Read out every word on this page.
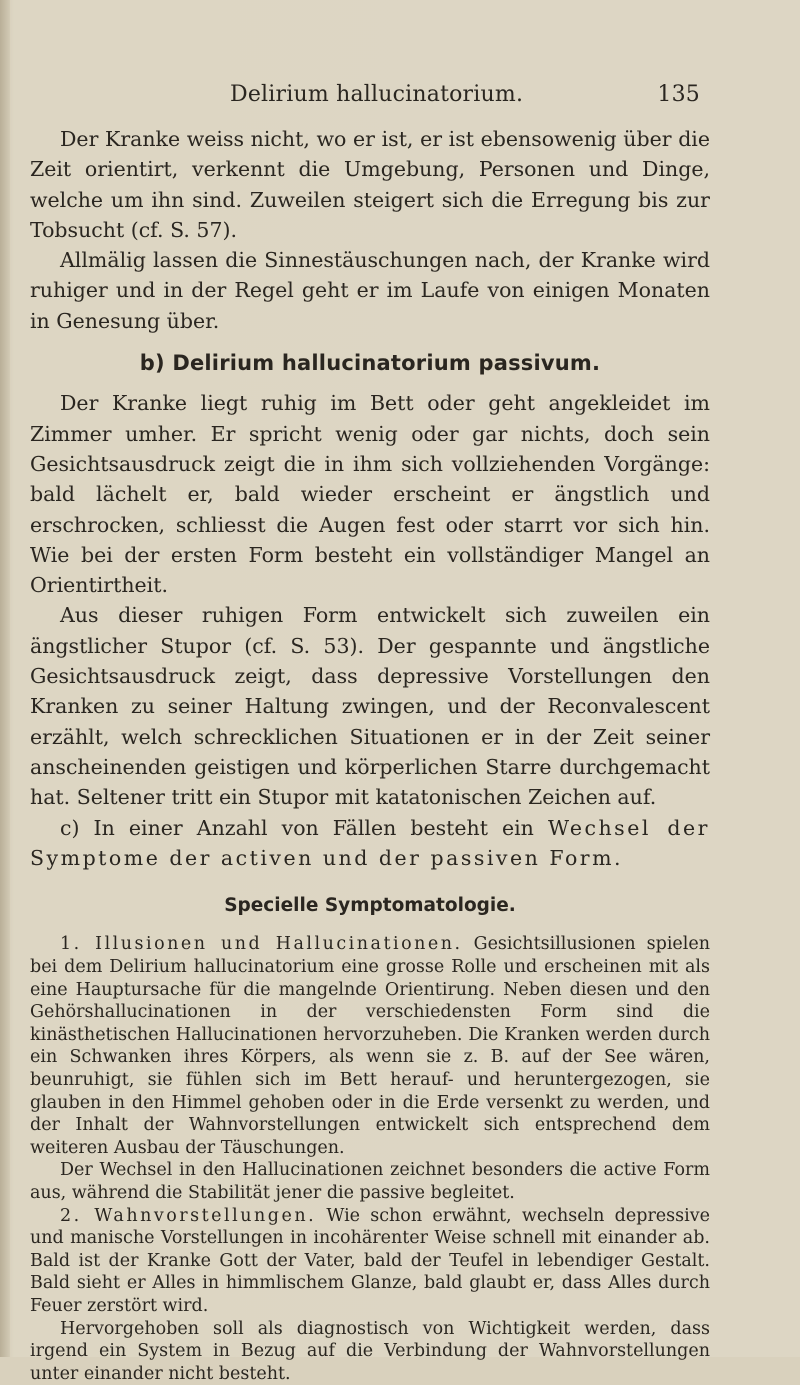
Delirium hallucinatorium.	135

Der Kranke weiss nicht, wo er ist, er ist ebensowenig über die Zeit orientirt, verkennt die Umgebung, Personen und Dinge, welche um ihn sind. Zuweilen steigert sich die Erregung bis zur Tobsucht (cf. S. 57).

Allmälig lassen die Sinnestäuschungen nach, der Kranke wird ruhiger und in der Regel geht er im Laufe von einigen Monaten in Genesung über.

b) Delirium hallucinatorium passivum.

Der Kranke liegt ruhig im Bett oder geht angekleidet im Zimmer umher. Er spricht wenig oder gar nichts, doch sein Gesichtsausdruck zeigt die in ihm sich vollziehenden Vorgänge: bald lächelt er, bald wieder erscheint er ängstlich und erschrocken, schliesst die Augen fest oder starrt vor sich hin. Wie bei der ersten Form besteht ein vollständiger Mangel an Orientirtheit.

Aus dieser ruhigen Form entwickelt sich zuweilen ein ängstlicher Stupor (cf. S. 53). Der gespannte und ängstliche Gesichtsausdruck zeigt, dass depressive Vorstellungen den Kranken zu seiner Haltung zwingen, und der Reconvalescent erzählt, welch schrecklichen Situationen er in der Zeit seiner anscheinenden geistigen und körperlichen Starre durchgemacht hat. Seltener tritt ein Stupor mit katatonischen Zeichen auf.

c) In einer Anzahl von Fällen besteht ein Wechsel der Symptome der activen und der passiven Form.

Specielle Symptomatologie.

1. Illusionen und Hallucinationen. Gesichtsillusionen spielen bei dem Delirium hallucinatorium eine grosse Rolle und erscheinen mit als eine Hauptursache für die mangelnde Orientirung. Neben diesen und den Gehörshallucinationen in der verschiedensten Form sind die kinästhetischen Hallucinationen hervorzuheben. Die Kranken werden durch ein Schwanken ihres Körpers, als wenn sie z. B. auf der See wären, beunruhigt, sie fühlen sich im Bett herauf- und heruntergezogen, sie glauben in den Himmel gehoben oder in die Erde versenkt zu werden, und der Inhalt der Wahnvorstellungen entwickelt sich entsprechend dem weiteren Ausbau der Täuschungen.

Der Wechsel in den Hallucinationen zeichnet besonders die active Form aus, während die Stabilität jener die passive begleitet.

2. Wahnvorstellungen. Wie schon erwähnt, wechseln depressive und manische Vorstellungen in incohärenter Weise schnell mit einander ab. Bald ist der Kranke Gott der Vater, bald der Teufel in lebendiger Gestalt. Bald sieht er Alles in himmlischem Glanze, bald glaubt er, dass Alles durch Feuer zerstört wird.

Hervorgehoben soll als diagnostisch von Wichtigkeit werden, dass irgend ein System in Bezug auf die Verbindung der Wahnvorstellungen unter einander nicht besteht.
